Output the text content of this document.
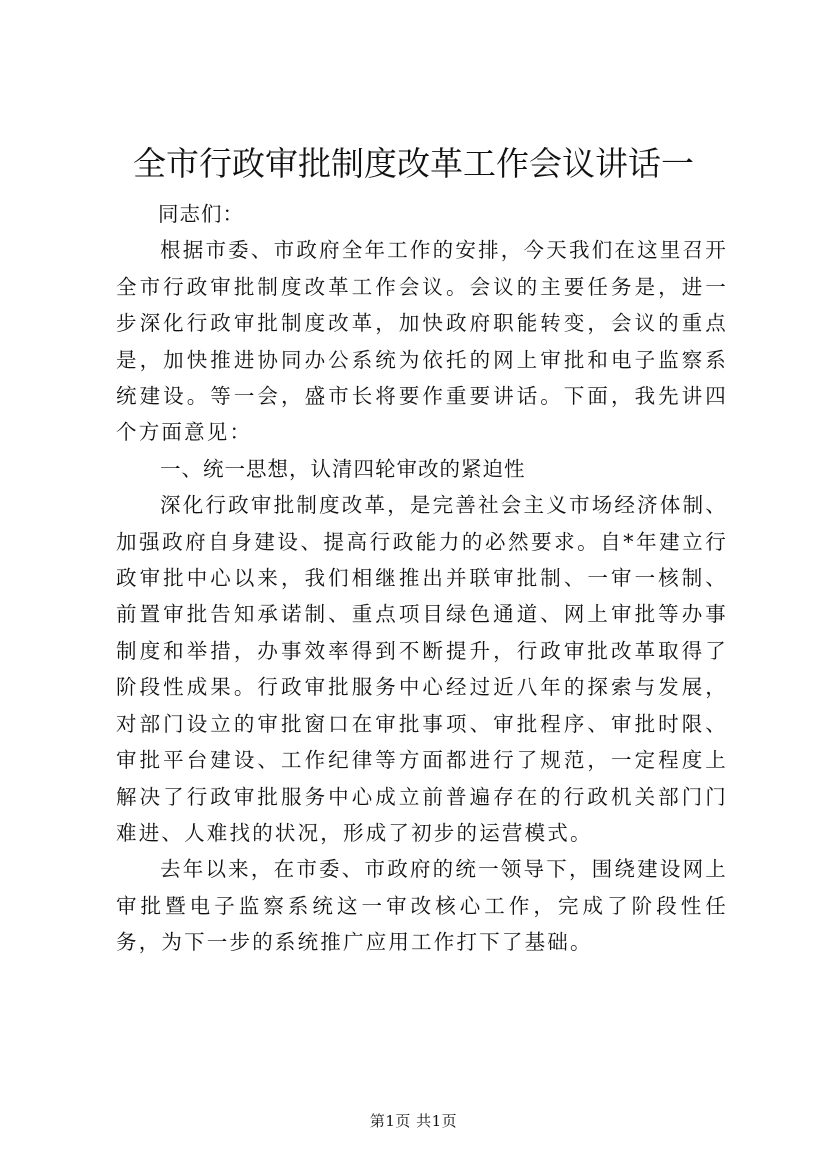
全市行政审批制度改革工作会议讲话一

同志们：

根据市委、市政府全年工作的安排，今天我们在这里召开全市行政审批制度改革工作会议。会议的主要任务是，进一步深化行政审批制度改革，加快政府职能转变，会议的重点是，加快推进协同办公系统为依托的网上审批和电子监察系统建设。等一会，盛市长将要作重要讲话。下面，我先讲四个方面意见：

一、统一思想，认清四轮审改的紧迫性

深化行政审批制度改革，是完善社会主义市场经济体制、加强政府自身建设、提高行政能力的必然要求。自*年建立行政审批中心以来，我们相继推出并联审批制、一审一核制、前置审批告知承诺制、重点项目绿色通道、网上审批等办事制度和举措，办事效率得到不断提升，行政审批改革取得了阶段性成果。行政审批服务中心经过近八年的探索与发展，对部门设立的审批窗口在审批事项、审批程序、审批时限、审批平台建设、工作纪律等方面都进行了规范，一定程度上解决了行政审批服务中心成立前普遍存在的行政机关部门门难进、人难找的状况，形成了初步的运营模式。

去年以来，在市委、市政府的统一领导下，围绕建设网上审批暨电子监察系统这一审改核心工作，完成了阶段性任务，为下一步的系统推广应用工作打下了基础。

第1页 共1页
